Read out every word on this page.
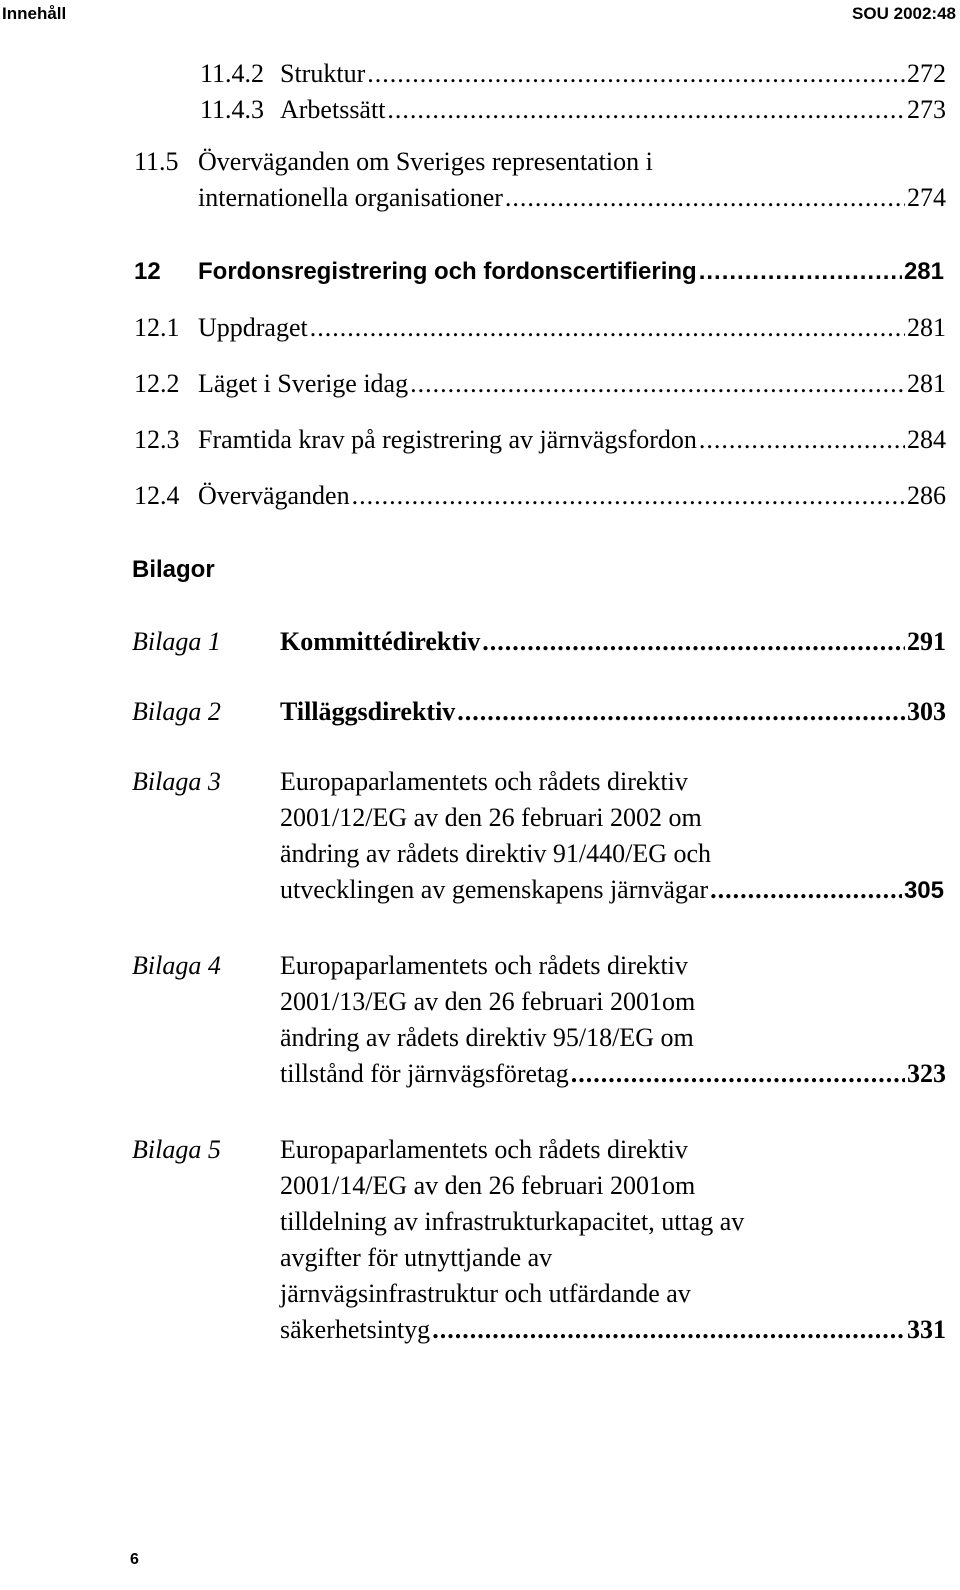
Innehåll	SOU 2002:48
11.4.2 Struktur .....	272
11.4.3 Arbetssätt .....	273
11.5 Överväganden om Sveriges representation i
internationella organisationer .....	274
12	Fordonsregistrering och fordonscertifiering .....	281
12.1 Uppdraget .....	281
12.2 Läget i Sverige idag .....	281
12.3 Framtida krav på registrering av järnvägsfordon .....	284
12.4 Överväganden .....	286
Bilagor
Bilaga 1 Kommittédirektiv .....	291
Bilaga 2 Tilläggsdirektiv .....	303
Bilaga 3 Europaparlamentets och rådets direktiv
2001/12/EG av den 26 februari 2002 om
ändring av rådets direktiv 91/440/EG och
utvecklingen av gemenskapens järnvägar .....	305
Bilaga 4 Europaparlamentets och rådets direktiv
2001/13/EG av den 26 februari 2001om
ändring av rådets direktiv 95/18/EG om
tillstånd för järnvägsföretag .....	323
Bilaga 5 Europaparlamentets och rådets direktiv
2001/14/EG av den 26 februari 2001om
tilldelning av infrastrukturkapacitet, uttag av
avgifter för utnyttjande av
järnvägsinfrastruktur och utfärdande av
säkerhetsintyg .....	331
6
